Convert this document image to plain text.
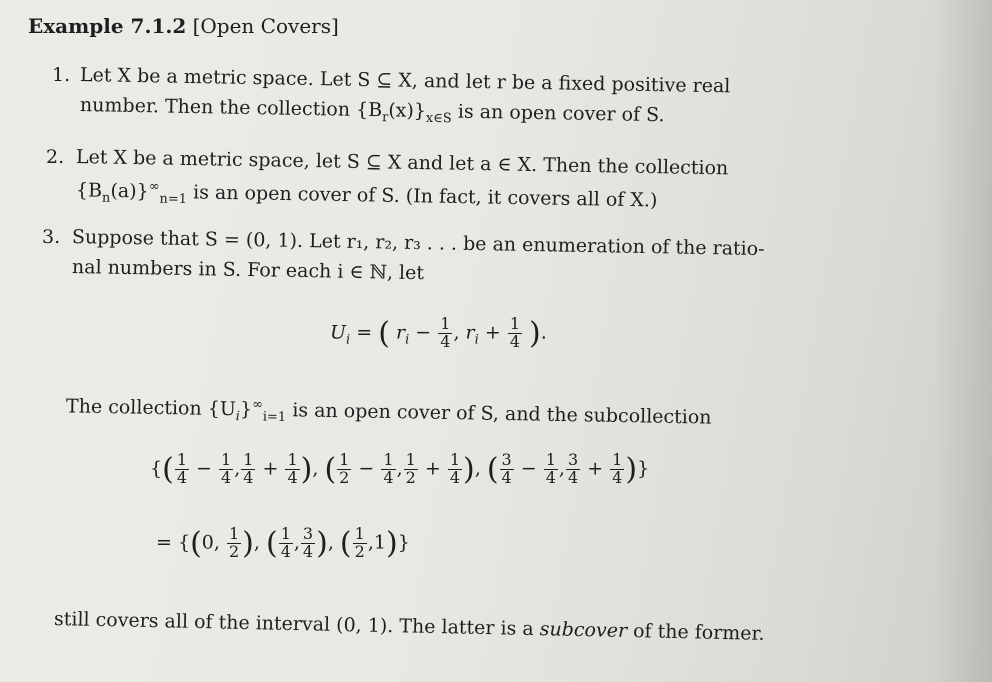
Example 7.1.2 [Open Covers]
1. Let X be a metric space. Let S ⊆ X, and let r be a fixed positive real
number. Then the collection $\{B_r(x)\}_{x\in S}$ is an open cover of S.
2. Let X be a metric space, let S ⊆ X and let a ∈ X. Then the collection
$\{B_n(a)\}^\infty_{n=1}$ is an open cover of S. (In fact, it covers all of X.)
3. Suppose that S = (0, 1). Let r₁, r₂, r₃ . . . be an enumeration of the ratio-
nal numbers in S. For each i ∈ ℕ, let
$U_i$ = ( $r_i - \frac{1}{4}$ , $r_i + \frac{1}{4}$ ).
The collection $\{U_i\}^\infty_{i=1}$ is an open cover of S, and the subcollection
{( $\frac{1}{4} - \frac{1}{4}$ , $\frac{1}{4} + \frac{1}{4}$ ), ( $\frac{1}{2} - \frac{1}{4}$ , $\frac{1}{2} + \frac{1}{4}$ ), ( $\frac{3}{4} - \frac{1}{4}$ , $\frac{3}{4} + \frac{1}{4}$ )}
= {(0, $\frac{1}{2}$ ), ( $\frac{1}{4}$ , $\frac{3}{4}$ ), ( $\frac{1}{2} ,1$)}
still covers all of the interval (0, 1). The latter is a subcover of the former.
